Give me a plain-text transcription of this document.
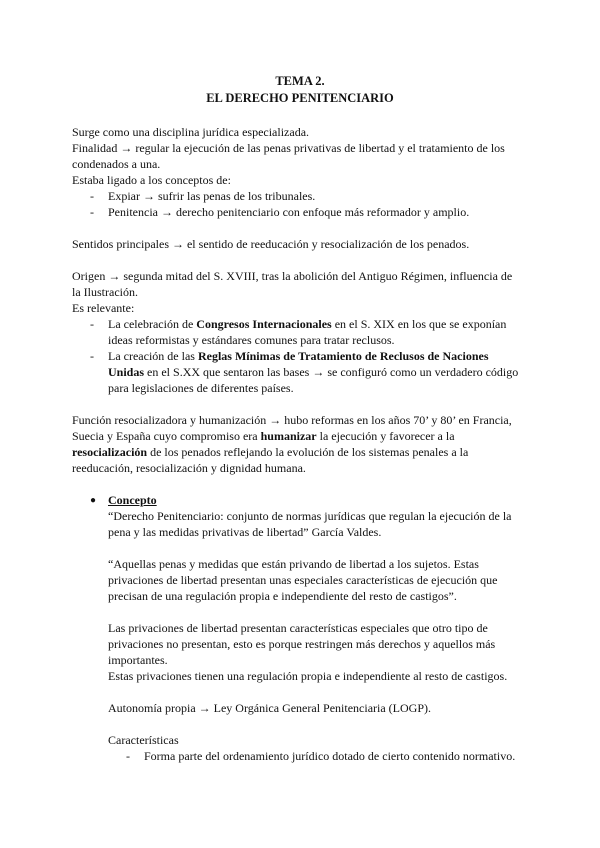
TEMA 2.
EL DERECHO PENITENCIARIO
Surge como una disciplina jurídica especializada.
Finalidad → regular la ejecución de las penas privativas de libertad y el tratamiento de los
condenados a una.
Estaba ligado a los conceptos de:
- Expiar → sufrir las penas de los tribunales.
- Penitencia → derecho penitenciario con enfoque más reformador y amplio.
Sentidos principales → el sentido de reeducación y resocialización de los penados.
Origen → segunda mitad del S. XVIII, tras la abolición del Antiguo Régimen, influencia de
la Ilustración.
Es relevante:
- La celebración de Congresos Internacionales en el S. XIX en los que se exponían
ideas reformistas y estándares comunes para tratar reclusos.
- La creación de las Reglas Mínimas de Tratamiento de Reclusos de Naciones
Unidas en el S.XX que sentaron las bases → se configuró como un verdadero código
para legislaciones de diferentes países.
Función resocializadora y humanización → hubo reformas en los años 70’ y 80’ en Francia,
Suecia y España cuyo compromiso era humanizar la ejecución y favorecer a la
resocialización de los penados reflejando la evolución de los sistemas penales a la
reeducación, resocialización y dignidad humana.
● Concepto
“Derecho Penitenciario: conjunto de normas jurídicas que regulan la ejecución de la
pena y las medidas privativas de libertad” García Valdes.
“Aquellas penas y medidas que están privando de libertad a los sujetos. Estas
privaciones de libertad presentan unas especiales características de ejecución que
precisan de una regulación propia e independiente del resto de castigos”.
Las privaciones de libertad presentan características especiales que otro tipo de
privaciones no presentan, esto es porque restringen más derechos y aquellos más
importantes.
Estas privaciones tienen una regulación propia e independiente al resto de castigos.
Autonomía propia → Ley Orgánica General Penitenciaria (LOGP).
Características
- Forma parte del ordenamiento jurídico dotado de cierto contenido normativo.
